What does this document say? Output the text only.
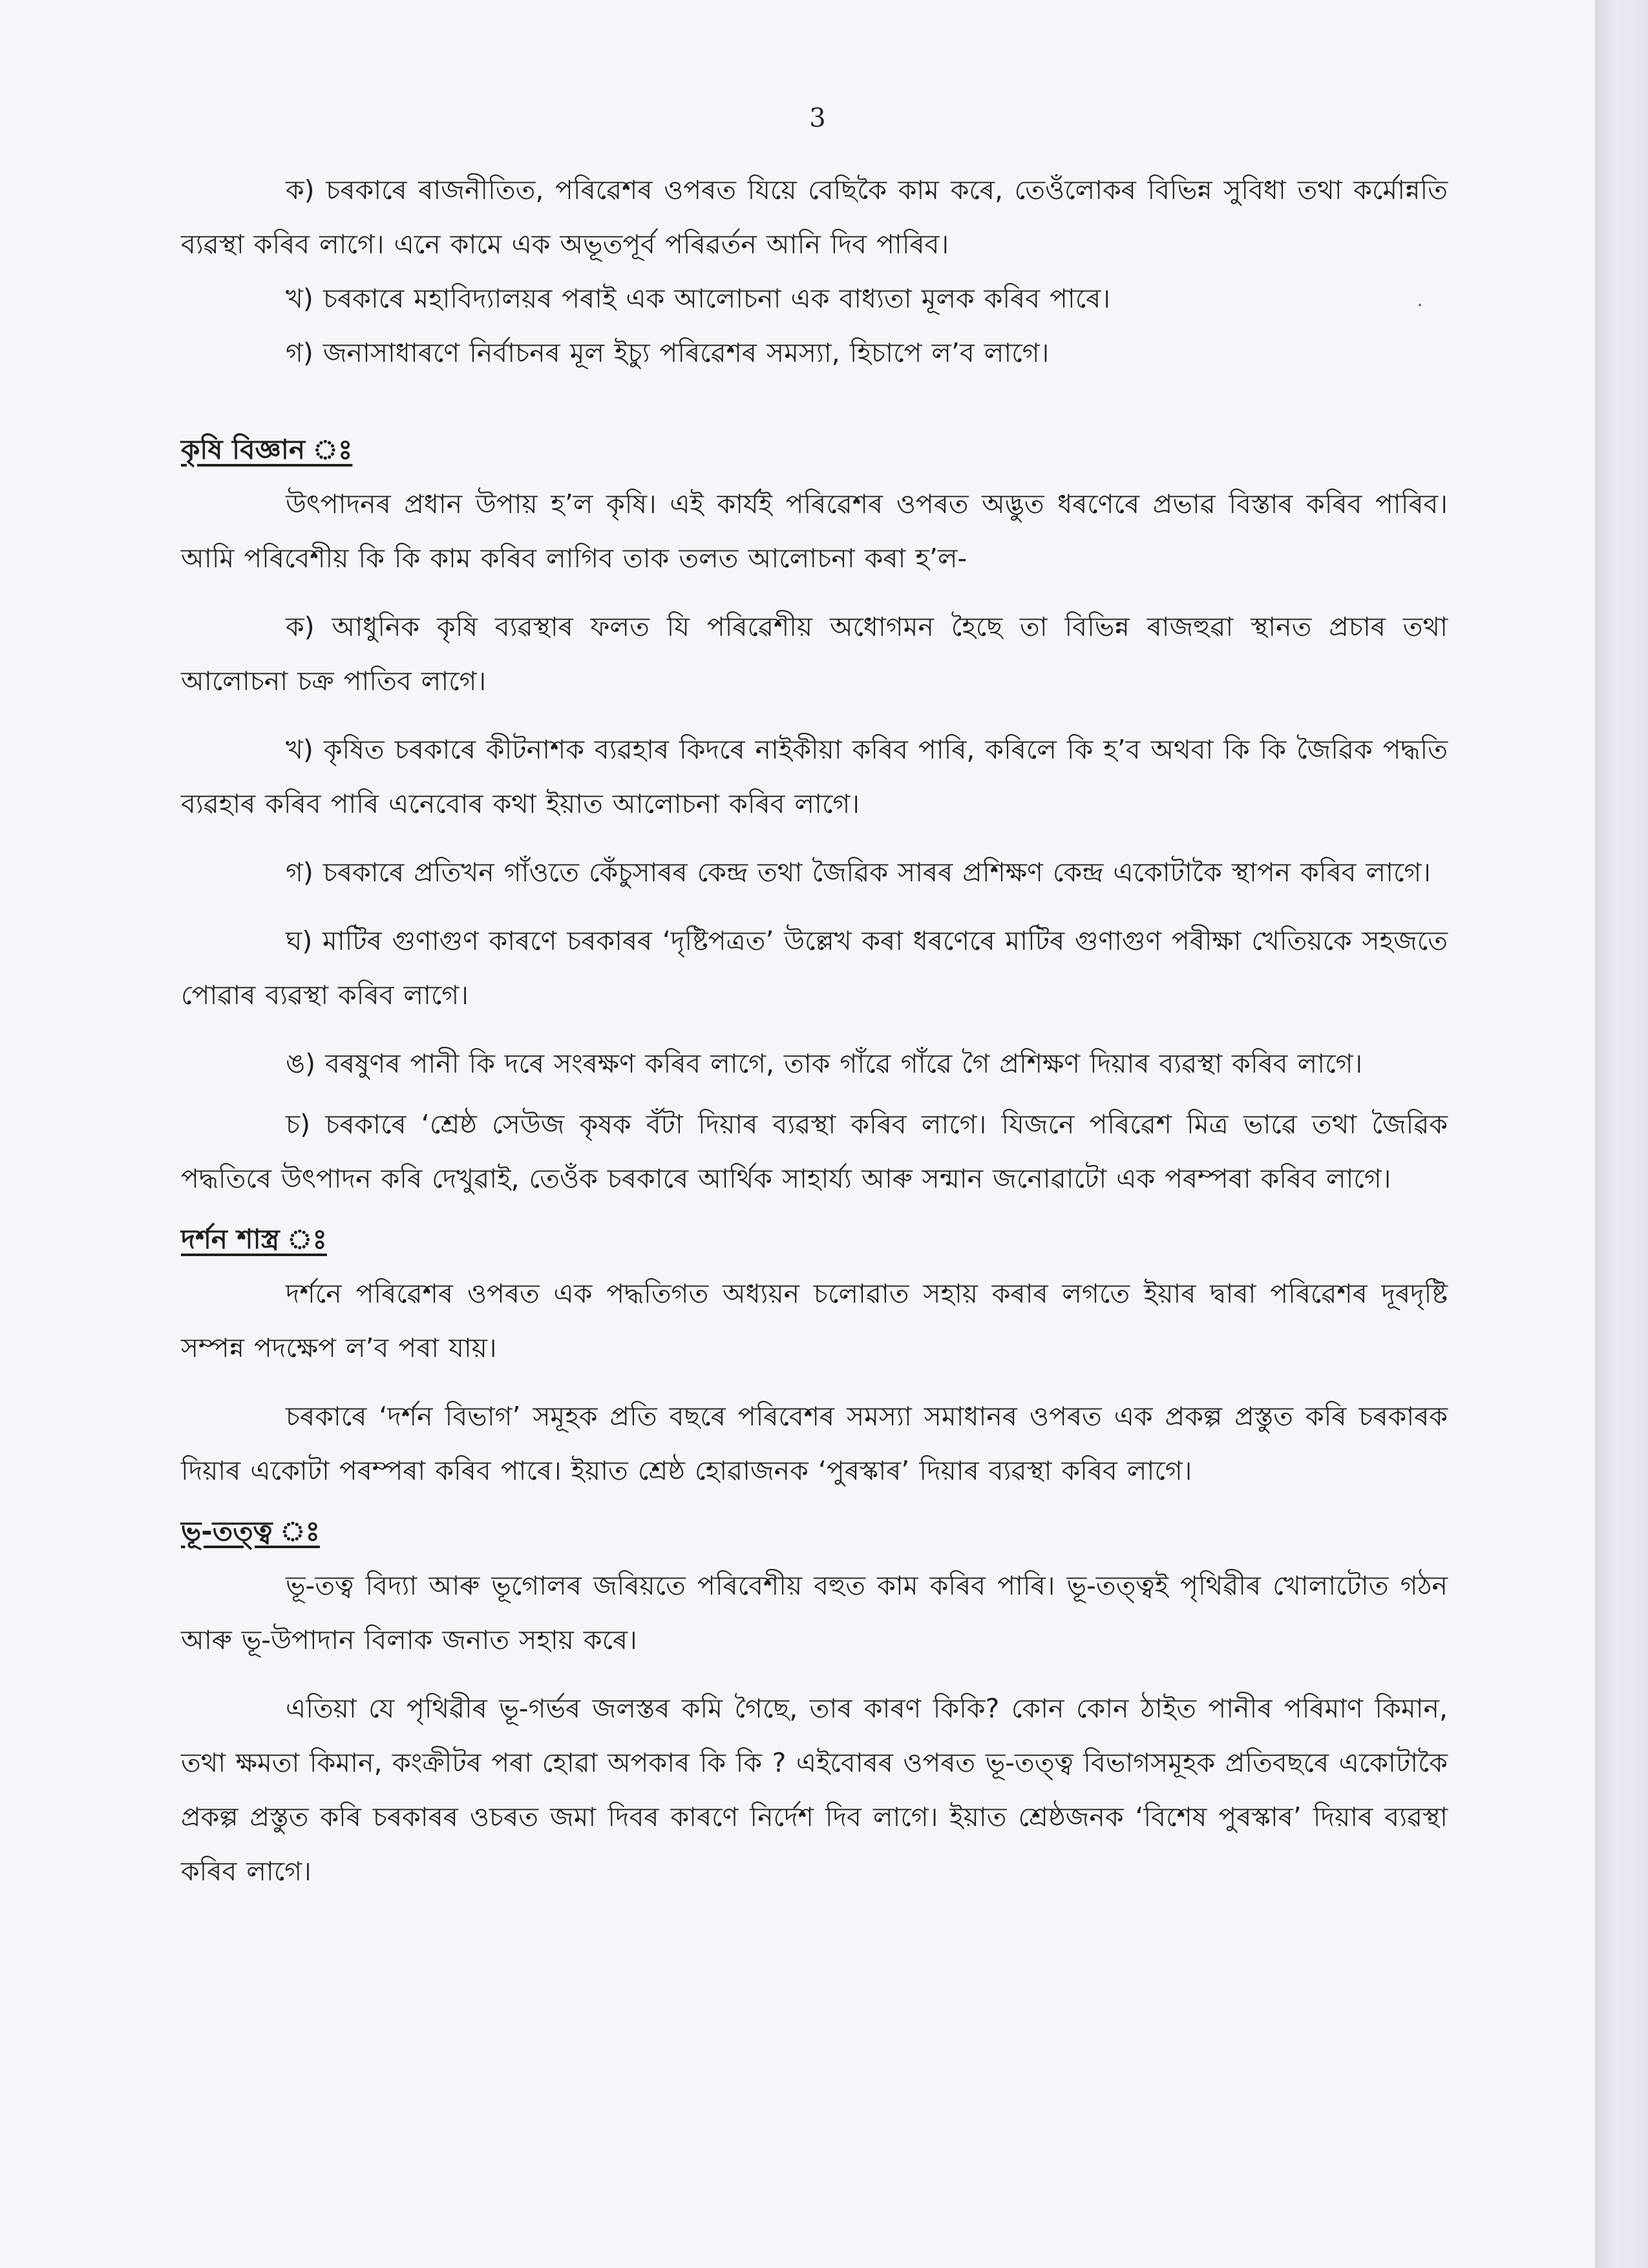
3

ক) চৰকাৰে ৰাজনীতিত, পৰিৱেশৰ ওপৰত যিয়ে বেছিকৈ কাম কৰে, তেওঁলোকৰ বিভিন্ন সুবিধা তথা কৰ্মোন্নতি ব্যৱস্থা কৰিব লাগে। এনে কামে এক অভূতপূৰ্ব পৰিৱৰ্তন আনি দিব পাৰিব।

খ) চৰকাৰে মহাবিদ্যালয়ৰ পৰাই এক আলোচনা এক বাধ্যতা মূলক কৰিব পাৰে।

গ) জনাসাধাৰণে নিৰ্বাচনৰ মূল ইচ্যু পৰিৱেশৰ সমস্যা, হিচাপে ল’ব লাগে।

কৃষি বিজ্ঞান ঃ

উৎপাদনৰ প্ৰধান উপায় হ’ল কৃষি। এই কাৰ্যই পৰিৱেশৰ ওপৰত অদ্ভুত ধৰণেৰে প্ৰভাৱ বিস্তাৰ কৰিব পাৰিব। আমি পৰিবেশীয় কি কি কাম কৰিব লাগিব তাক তলত আলোচনা কৰা হ’ল-

ক) আধুনিক কৃষি ব্যৱস্থাৰ ফলত যি পৰিৱেশীয় অধোগমন হৈছে তা বিভিন্ন ৰাজহুৱা স্থানত প্ৰচাৰ তথা আলোচনা চক্ৰ পাতিব লাগে।

খ) কৃষিত চৰকাৰে কীটনাশক ব্যৱহাৰ কিদৰে নাইকীয়া কৰিব পাৰি, কৰিলে কি হ’ব অথবা কি কি জৈৱিক পদ্ধতি ব্যৱহাৰ কৰিব পাৰি এনেবোৰ কথা ইয়াত আলোচনা কৰিব লাগে।

গ) চৰকাৰে প্ৰতিখন গাঁওতে কেঁচুসাৰৰ কেন্দ্ৰ তথা জৈৱিক সাৰৰ প্ৰশিক্ষণ কেন্দ্ৰ একোটাকৈ স্থাপন কৰিব লাগে।

ঘ) মাটিৰ গুণাগুণ কাৰণে চৰকাৰৰ ‘দৃষ্টিপত্ৰত’ উল্লেখ কৰা ধৰণেৰে মাটিৰ গুণাগুণ পৰীক্ষা খেতিয়কে সহজতে পোৱাৰ ব্যৱস্থা কৰিব লাগে।

ঙ) বৰষুণৰ পানী কি দৰে সংৰক্ষণ কৰিব লাগে, তাক গাঁৱে গাঁৱে গৈ প্ৰশিক্ষণ দিয়াৰ ব্যৱস্থা কৰিব লাগে।

চ) চৰকাৰে ‘শ্ৰেষ্ঠ সেউজ কৃষক বঁটা দিয়াৰ ব্যৱস্থা কৰিব লাগে। যিজনে পৰিৱেশ মিত্ৰ ভাৱে তথা জৈৱিক পদ্ধতিৰে উৎপাদন কৰি দেখুৱাই, তেওঁক চৰকাৰে আৰ্থিক সাহাৰ্য্য আৰু সন্মান জনোৱাটো এক পৰম্পৰা কৰিব লাগে।

দৰ্শন শাস্ত্ৰ ঃ

দৰ্শনে পৰিৱেশৰ ওপৰত এক পদ্ধতিগত অধ্যয়ন চলোৱাত সহায় কৰাৰ লগতে ইয়াৰ দ্বাৰা পৰিৱেশৰ দূৰদৃষ্টি সম্পন্ন পদক্ষেপ ল’ব পৰা যায়।

চৰকাৰে ‘দৰ্শন বিভাগ’ সমূহক প্ৰতি বছৰে পৰিবেশৰ সমস্যা সমাধানৰ ওপৰত এক প্ৰকল্প প্ৰস্তুত কৰি চৰকাৰক দিয়াৰ একোটা পৰম্পৰা কৰিব পাৰে। ইয়াত শ্ৰেষ্ঠ হোৱাজনক ‘পুৰস্কাৰ’ দিয়াৰ ব্যৱস্থা কৰিব লাগে।

ভূ-তত্ত্ব ঃ

ভূ-তত্ব বিদ্যা আৰু ভূগোলৰ জৰিয়তে পৰিবেশীয় বহুত কাম কৰিব পাৰি। ভূ-তত্ত্বই পৃথিৱীৰ খোলাটোত গঠন আৰু ভূ-উপাদান বিলাক জনাত সহায় কৰে।

এতিয়া যে পৃথিৱীৰ ভূ-গৰ্ভৰ জলস্তৰ কমি গৈছে, তাৰ কাৰণ কিকি? কোন কোন ঠাইত পানীৰ পৰিমাণ কিমান, তথা ক্ষমতা কিমান, কংক্ৰীটৰ পৰা হোৱা অপকাৰ কি কি ? এইবোৰৰ ওপৰত ভূ-তত্ত্ব বিভাগসমূহক প্ৰতিবছৰে একোটাকৈ প্ৰকল্প প্ৰস্তুত কৰি চৰকাৰৰ ওচৰত জমা দিবৰ কাৰণে নিৰ্দেশ দিব লাগে। ইয়াত শ্ৰেষ্ঠজনক ‘বিশেষ পুৰস্কাৰ’ দিয়াৰ ব্যৱস্থা কৰিব লাগে।
